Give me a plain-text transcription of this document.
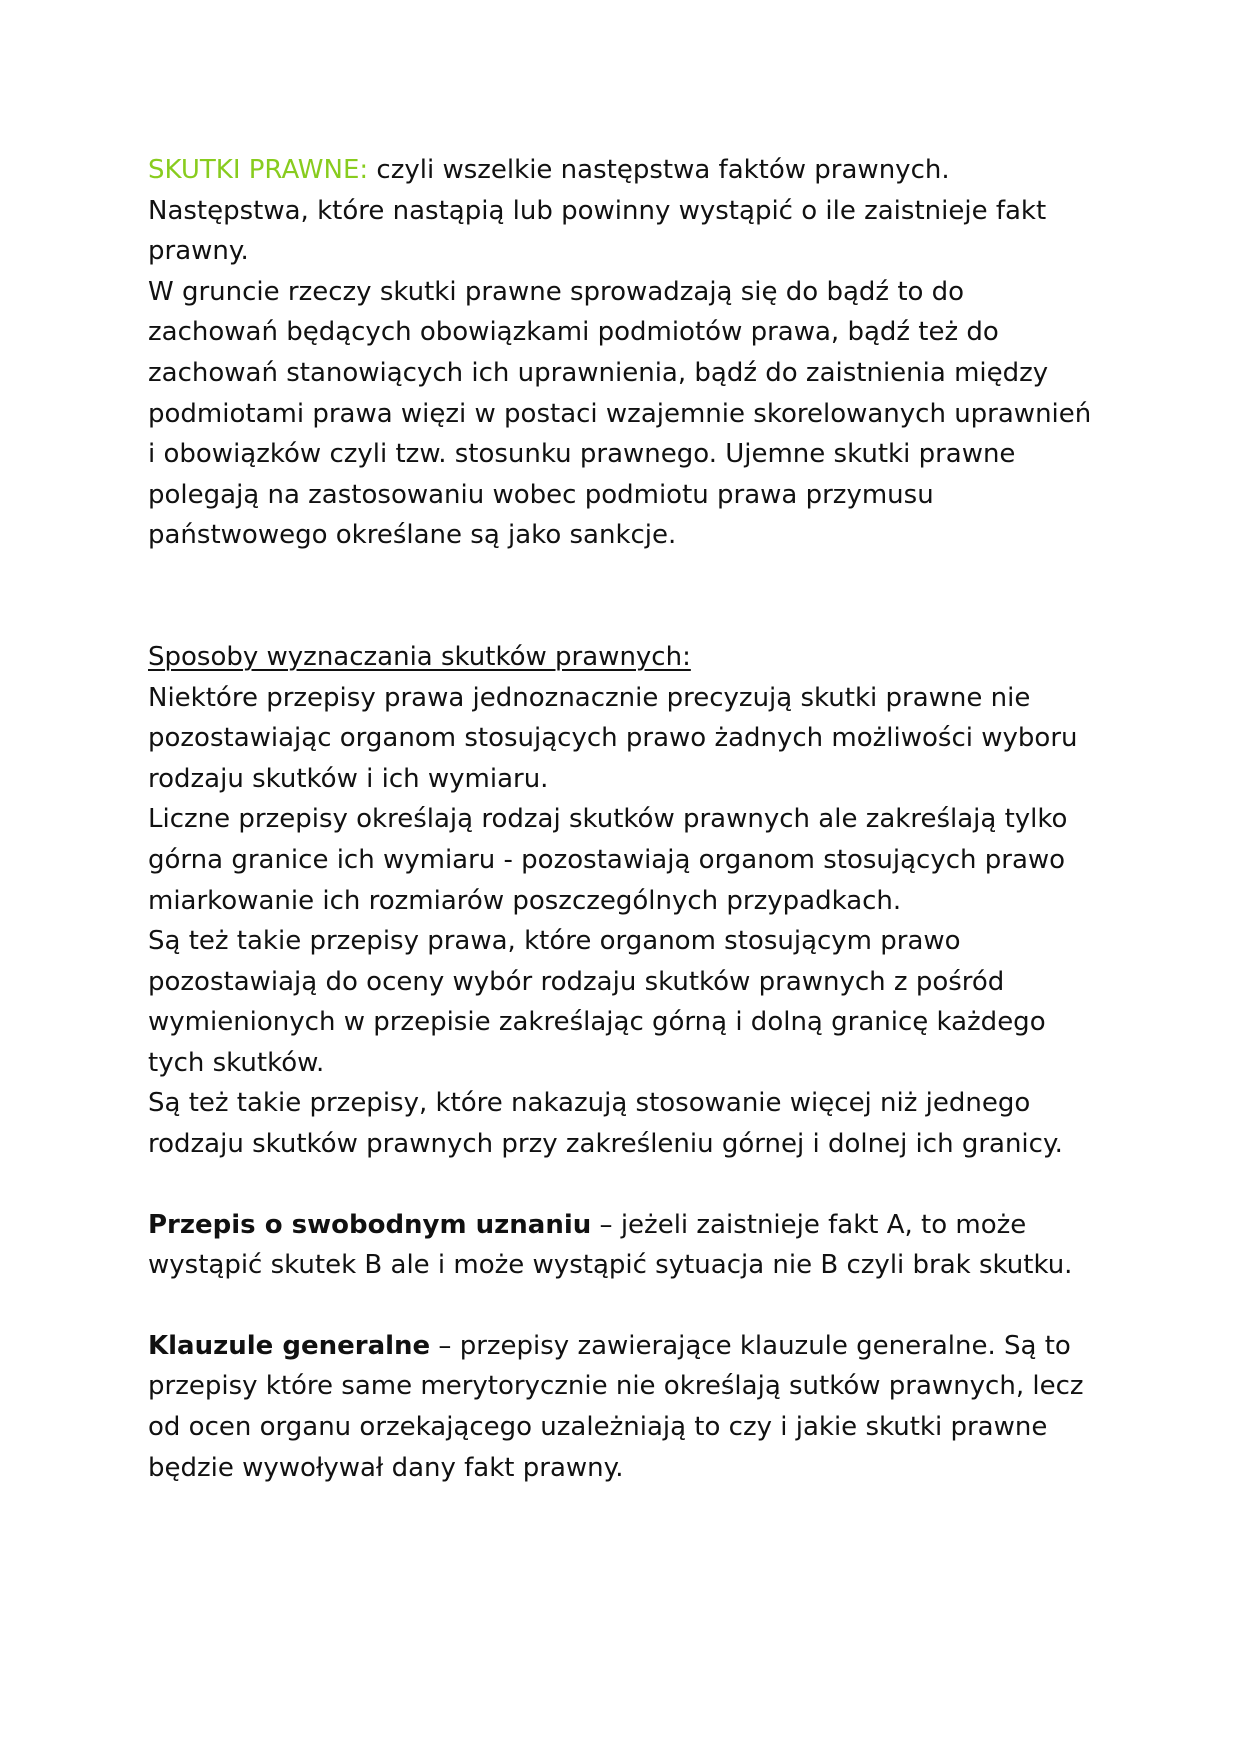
SKUTKI PRAWNE: czyli wszelkie następstwa faktów prawnych. Następstwa, które nastąpią lub powinny wystąpić o ile zaistnieje fakt prawny.

W gruncie rzeczy skutki prawne sprowadzają się do bądź to do zachowań będących obowiązkami podmiotów prawa, bądź też do zachowań stanowiących ich uprawnienia, bądź do zaistnienia między podmiotami prawa więzi w postaci wzajemnie skorelowanych uprawnień i obowiązków czyli tzw. stosunku prawnego. Ujemne skutki prawne polegają na zastosowaniu wobec podmiotu prawa przymusu państwowego określane są jako sankcje.

Sposoby wyznaczania skutków prawnych:

Niektóre przepisy prawa jednoznacznie precyzują skutki prawne nie pozostawiając organom stosujących prawo żadnych możliwości wyboru rodzaju skutków i ich wymiaru.

Liczne przepisy określają rodzaj skutków prawnych ale zakreślają tylko górna granice ich wymiaru - pozostawiają organom stosujących prawo miarkowanie ich rozmiarów poszczególnych przypadkach.

Są też takie przepisy prawa, które organom stosującym prawo pozostawiają do oceny wybór rodzaju skutków prawnych z pośród wymienionych w przepisie zakreślając górną i dolną granicę każdego tych skutków.

Są też takie przepisy, które nakazują stosowanie więcej niż jednego rodzaju skutków prawnych przy zakreśleniu górnej i dolnej ich granicy.

Przepis o swobodnym uznaniu – jeżeli zaistnieje fakt A, to może wystąpić skutek B ale i może wystąpić sytuacja nie B czyli brak skutku.

Klauzule generalne – przepisy zawierające klauzule generalne. Są to przepisy które same merytorycznie nie określają sutków prawnych, lecz od ocen organu orzekającego uzależniają to czy i jakie skutki prawne będzie wywoływał dany fakt prawny.
